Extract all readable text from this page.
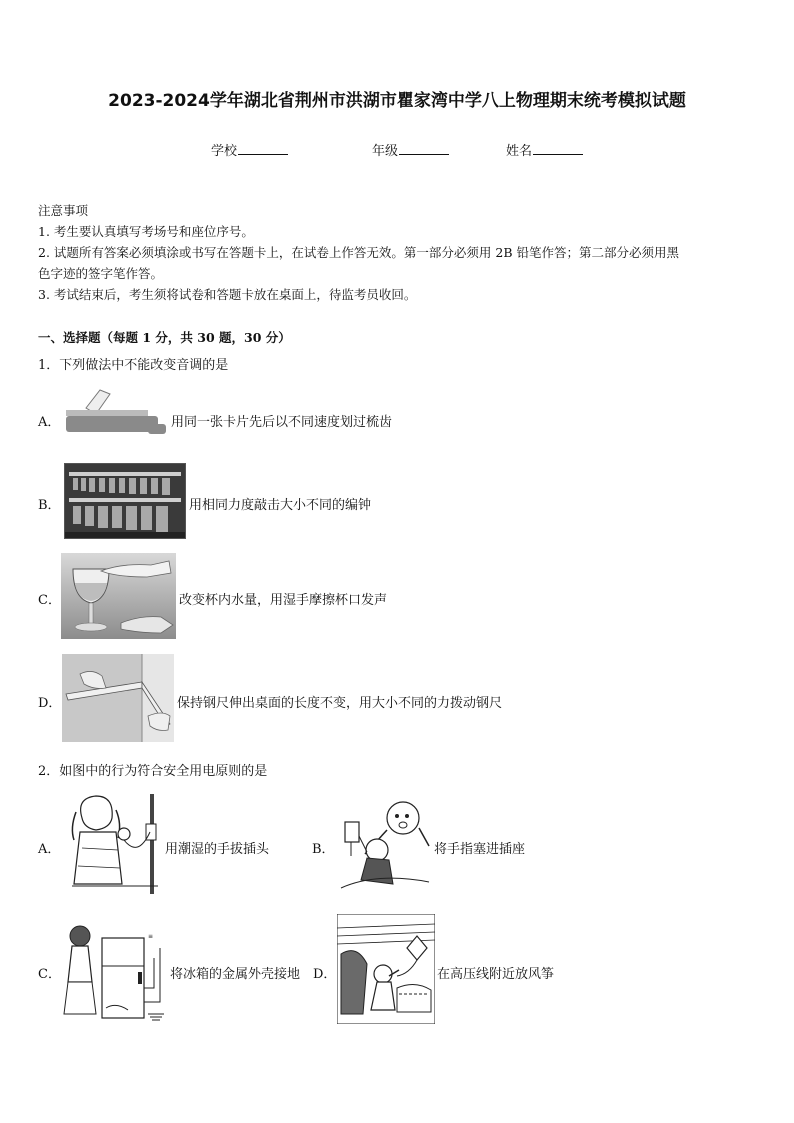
2023-2024学年湖北省荆州市洪湖市瞿家湾中学八上物理期末统考模拟试题
学校	年级	姓名
注意事项
1. 考生要认真填写考场号和座位序号。
2. 试题所有答案必须填涂或书写在答题卡上，在试卷上作答无效。第一部分必须用 2B 铅笔作答；第二部分必须用黑
色字迹的签字笔作答。
3. 考试结束后，考生须将试卷和答题卡放在桌面上，待监考员收回。
一、选择题（每题 1 分，共 30 题，30 分）
1．下列做法中不能改变音调的是
A．	用同一张卡片先后以不同速度划过梳齿
B．	用相同力度敲击大小不同的编钟
C．	改变杯内水量，用湿手摩擦杯口发声
D．	保持钢尺伸出桌面的长度不变，用大小不同的力拨动钢尺
2．如图中的行为符合安全用电原则的是
A．	用潮湿的手拔插头	B．	将手指塞进插座
C．
≡
将冰箱的金属外壳接地 D．	在高压线附近放风筝
